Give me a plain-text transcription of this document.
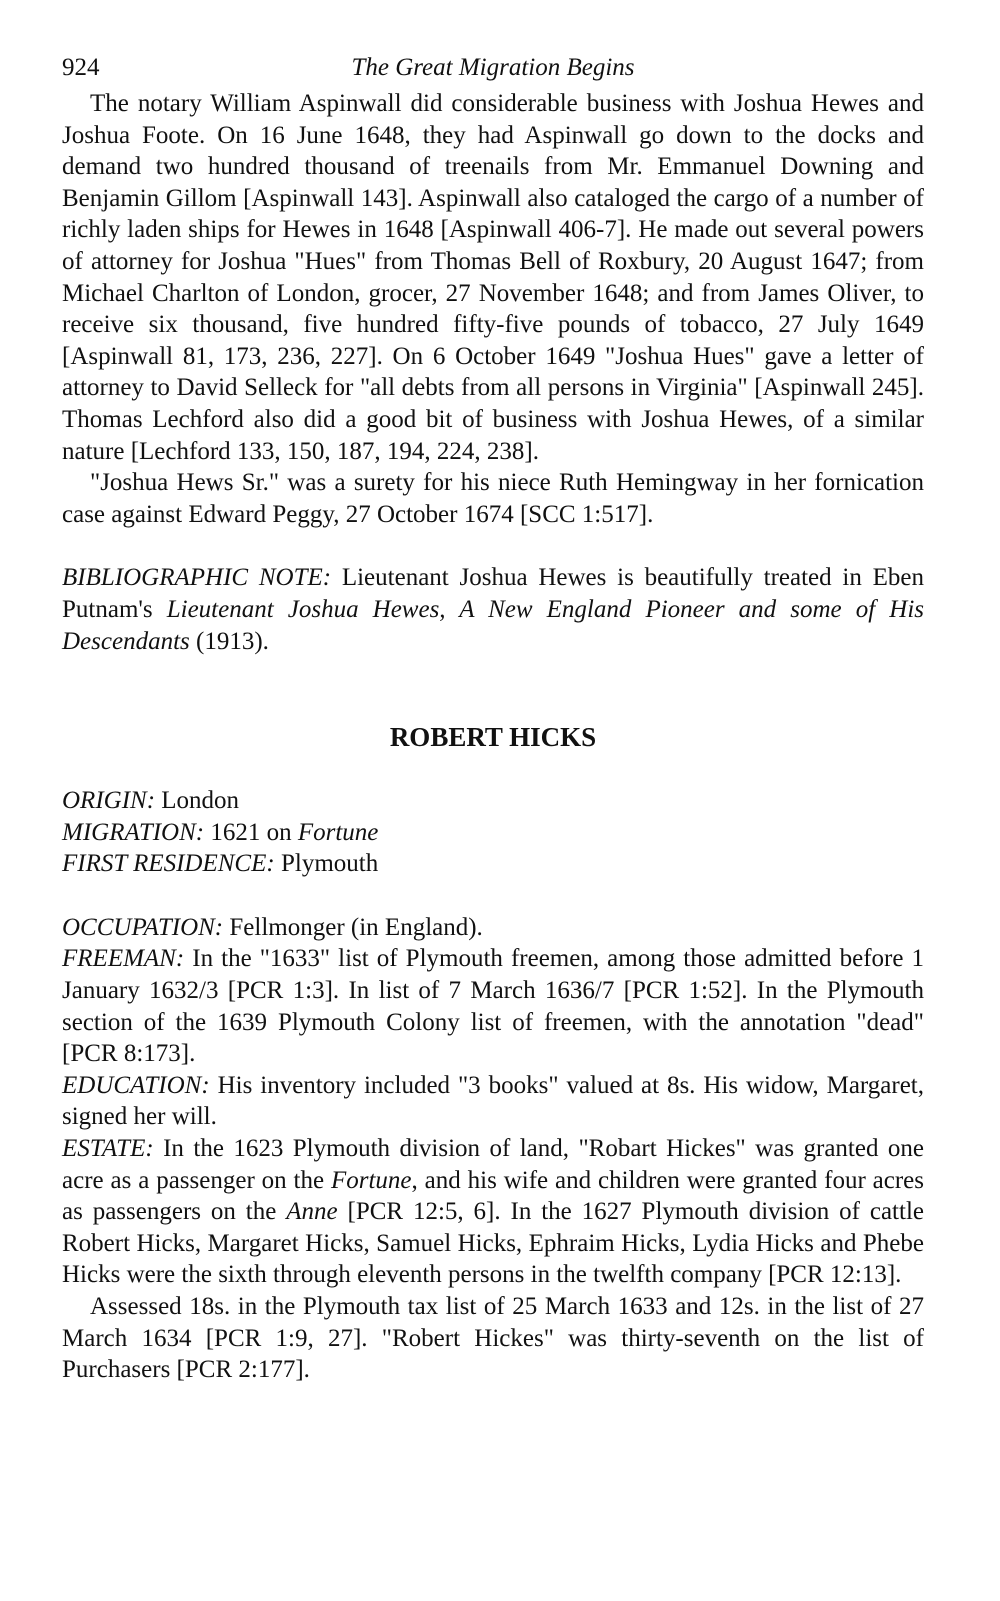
924	The Great Migration Begins

The notary William Aspinwall did considerable business with Joshua Hewes and Joshua Foote. On 16 June 1648, they had Aspinwall go down to the docks and demand two hundred thousand of treenails from Mr. Emmanuel Downing and Benjamin Gillom [Aspinwall 143]. Aspinwall also cataloged the cargo of a number of richly laden ships for Hewes in 1648 [Aspinwall 406-7]. He made out several powers of attorney for Joshua "Hues" from Thomas Bell of Roxbury, 20 August 1647; from Michael Charlton of London, grocer, 27 November 1648; and from James Oliver, to receive six thousand, five hundred fifty-five pounds of tobacco, 27 July 1649 [Aspinwall 81, 173, 236, 227]. On 6 October 1649 "Joshua Hues" gave a letter of attorney to David Selleck for "all debts from all persons in Virginia" [Aspinwall 245]. Thomas Lechford also did a good bit of business with Joshua Hewes, of a similar nature [Lechford 133, 150, 187, 194, 224, 238].

"Joshua Hews Sr." was a surety for his niece Ruth Hemingway in her fornication case against Edward Peggy, 27 October 1674 [SCC 1:517].

BIBLIOGRAPHIC NOTE: Lieutenant Joshua Hewes is beautifully treated in Eben Putnam's Lieutenant Joshua Hewes, A New England Pioneer and some of His Descendants (1913).

ROBERT HICKS

ORIGIN: London

MIGRATION: 1621 on Fortune

FIRST RESIDENCE: Plymouth

OCCUPATION: Fellmonger (in England).

FREEMAN: In the "1633" list of Plymouth freemen, among those admitted before 1 January 1632/3 [PCR 1:3]. In list of 7 March 1636/7 [PCR 1:52]. In the Plymouth section of the 1639 Plymouth Colony list of freemen, with the annotation "dead" [PCR 8:173].

EDUCATION: His inventory included "3 books" valued at 8s. His widow, Margaret, signed her will.

ESTATE: In the 1623 Plymouth division of land, "Robart Hickes" was granted one acre as a passenger on the Fortune, and his wife and children were granted four acres as passengers on the Anne [PCR 12:5, 6]. In the 1627 Plymouth division of cattle Robert Hicks, Margaret Hicks, Samuel Hicks, Ephraim Hicks, Lydia Hicks and Phebe Hicks were the sixth through eleventh persons in the twelfth company [PCR 12:13].

Assessed 18s. in the Plymouth tax list of 25 March 1633 and 12s. in the list of 27 March 1634 [PCR 1:9, 27]. "Robert Hickes" was thirty-seventh on the list of Purchasers [PCR 2:177].
